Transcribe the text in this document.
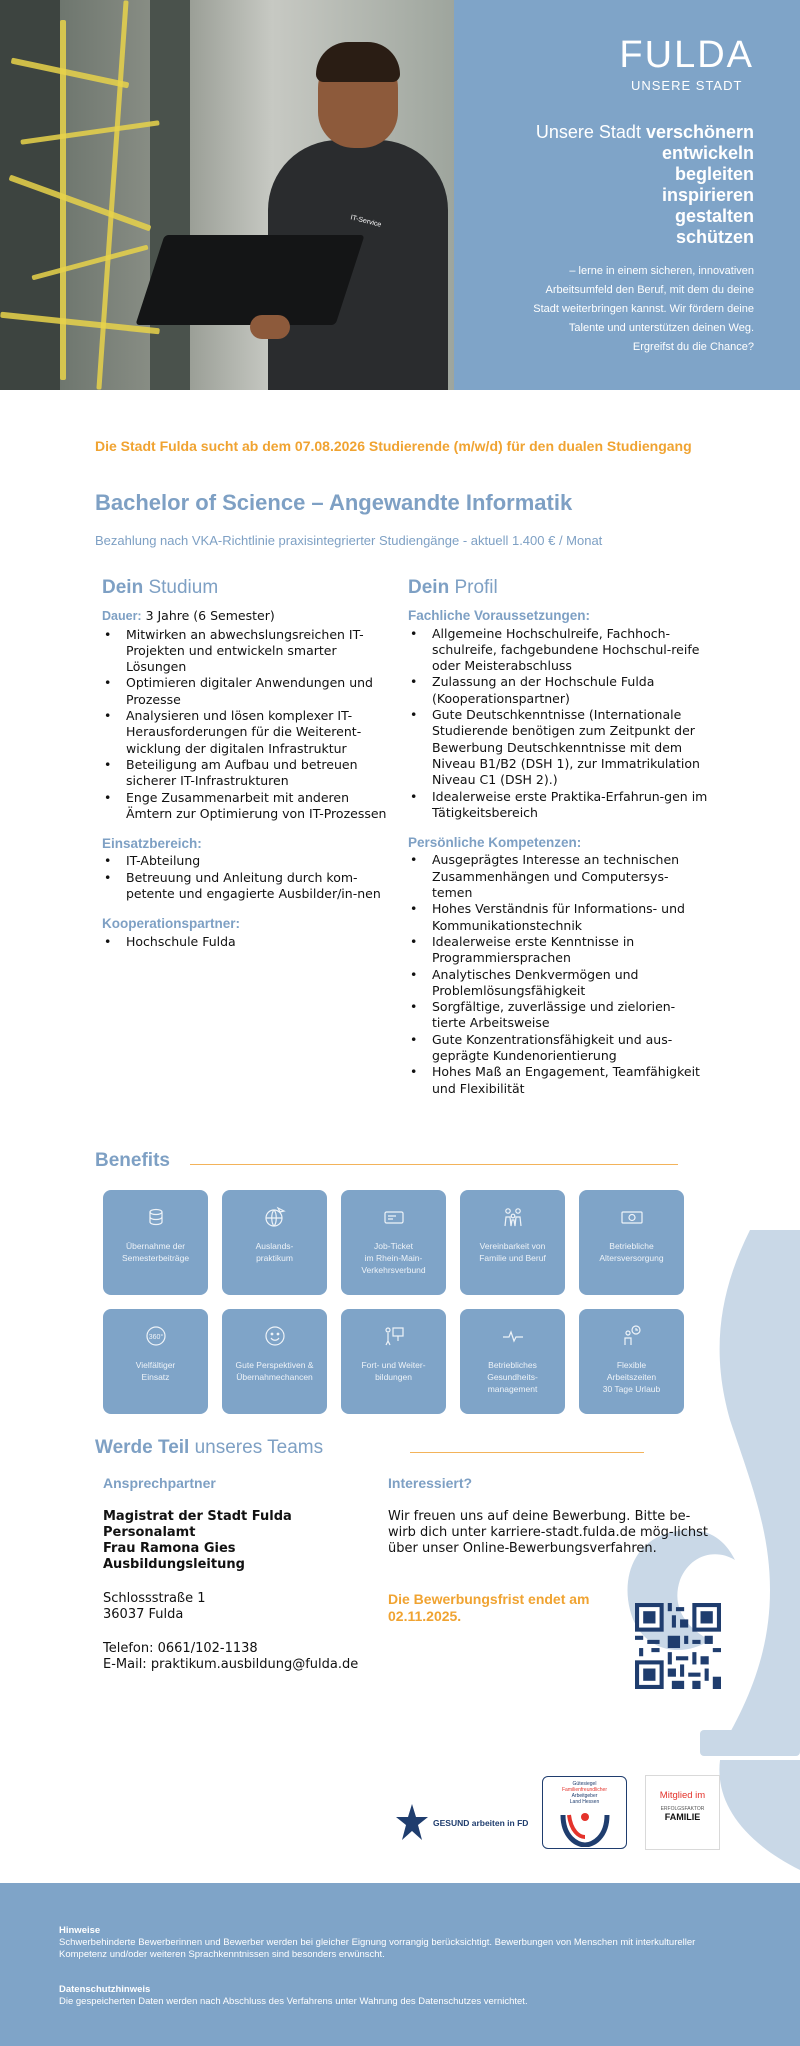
IT-Service
FULDA
UNSERE STADT
Unsere Stadt verschönern
entwickeln
begleiten
inspirieren
gestalten
schützen
– lerne in einem sicheren, innovativen
Arbeitsumfeld den Beruf, mit dem du deine
Stadt weiterbringen kannst. Wir fördern deine
Talente und unterstützen deinen Weg.
Ergreifst du die Chance?
Die Stadt Fulda sucht ab dem 07.08.2026 Studierende (m/w/d) für den dualen Studiengang
Bachelor of Science – Angewandte Informatik
Bezahlung nach VKA-Richtlinie praxisintegrierter Studiengänge - aktuell 1.400 € / Monat
Dein Studium
Dauer: 3 Jahre (6 Semester)
• Mitwirken an abwechslungsreichen IT-Projekten und entwickeln smarter Lösungen
• Optimieren digitaler Anwendungen und Prozesse
• Analysieren und lösen komplexer IT-Herausforderungen für die Weiterent-wicklung der digitalen Infrastruktur
• Beteiligung am Aufbau und betreuen sicherer IT-Infrastrukturen
• Enge Zusammenarbeit mit anderen Ämtern zur Optimierung von IT-Prozessen
Einsatzbereich:
• IT-Abteilung
• Betreuung und Anleitung durch kom-petente und engagierte Ausbilder/in-nen
Kooperationspartner:
• Hochschule Fulda
Dein Profil
Fachliche Voraussetzungen:
• Allgemeine Hochschulreife, Fachhoch-schulreife, fachgebundene Hochschul-reife oder Meisterabschluss
• Zulassung an der Hochschule Fulda (Kooperationspartner)
• Gute Deutschkenntnisse (Internationale Studierende benötigen zum Zeitpunkt der Bewerbung Deutschkenntnisse mit dem Niveau B1/B2 (DSH 1), zur Immatrikulation Niveau C1 (DSH 2).)
• Idealerweise erste Praktika-Erfahrun-gen im Tätigkeitsbereich
Persönliche Kompetenzen:
• Ausgeprägtes Interesse an technischen Zusammenhängen und Computersys-temen
• Hohes Verständnis für Informations- und Kommunikationstechnik
• Idealerweise erste Kenntnisse in Programmiersprachen
• Analytisches Denkvermögen und Problemlösungsfähigkeit
• Sorgfältige, zuverlässige und zielorien-tierte Arbeitsweise
• Gute Konzentrationsfähigkeit und aus-geprägte Kundenorientierung
• Hohes Maß an Engagement, Teamfähigkeit und Flexibilität
Benefits
Übernahme der
Semesterbeiträge
Auslands-
praktikum
Job-Ticket
im Rhein-Main-
Verkehrsverbund
Vereinbarkeit von
Familie und Beruf
Betriebliche
Altersversorgung
360°
Vielfältiger
Einsatz
Gute Perspektiven &
Übernahmechancen
Fort- und Weiter-
bildungen
Betriebliches
Gesundheits-
management
Flexible
Arbeitszeiten
30 Tage Urlaub
Werde Teil unseres Teams
Ansprechpartner
Magistrat der Stadt Fulda
Personalamt
Frau Ramona Gies
Ausbildungsleitung
Schlossstraße 1
36037 Fulda
Telefon: 0661/102-1138
E-Mail: praktikum.ausbildung@fulda.de
Interessiert?
Wir freuen uns auf deine Bewerbung. Bitte be-wirb dich unter karriere-stadt.fulda.de mög-lichst über unser Online-Bewerbungsverfahren.
Die Bewerbungsfrist endet am 02.11.2025.
GESUND arbeiten in FD
Gütesiegel
Familienfreundlicher
Arbeitgeber
Land Hessen
Mitglied im
ERFOLGSFAKTOR
FAMILIE
Hinweise
Schwerbehinderte Bewerberinnen und Bewerber werden bei gleicher Eignung vorrangig berücksichtigt. Bewerbungen von Menschen mit interkultureller Kompetenz und/oder weiteren Sprachkenntnissen sind besonders erwünscht.
Datenschutzhinweis
Die gespeicherten Daten werden nach Abschluss des Verfahrens unter Wahrung des Datenschutzes vernichtet.
